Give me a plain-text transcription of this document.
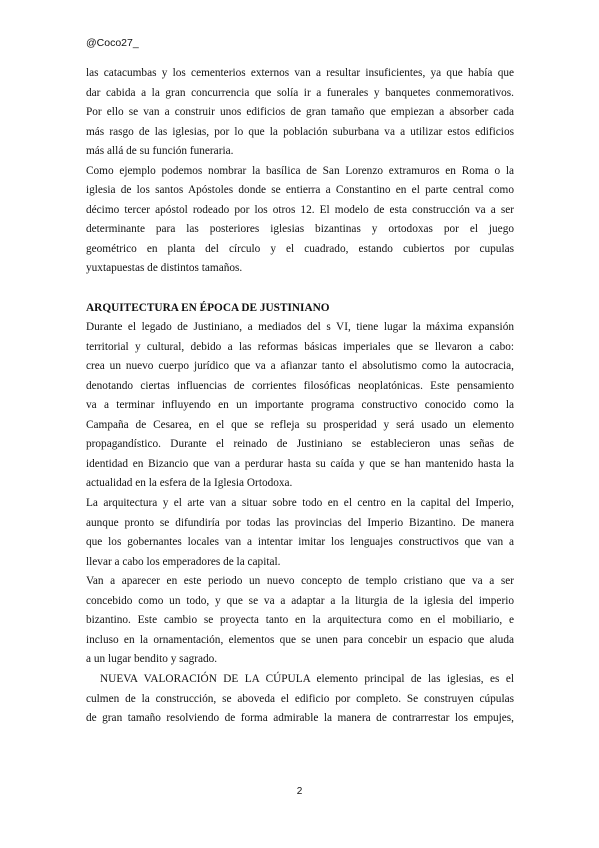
@Coco27_
las catacumbas y los cementerios externos van a resultar insuficientes, ya que había que
dar cabida a la gran concurrencia que solía ir a funerales y banquetes conmemorativos.
Por ello se van a construir unos edificios de gran tamaño que empiezan a absorber cada
más rasgo de las iglesias, por lo que la población suburbana va a utilizar estos edificios
más allá de su función funeraria.
Como ejemplo podemos nombrar la basílica de San Lorenzo extramuros en Roma o la
iglesia de los santos Apóstoles donde se entierra a Constantino en el parte central como
décimo tercer apóstol rodeado por los otros 12. El modelo de esta construcción va a ser
determinante para las posteriores iglesias bizantinas y ortodoxas por el juego
geométrico en planta del círculo y el cuadrado, estando cubiertos por cupulas
yuxtapuestas de distintos tamaños.
ARQUITECTURA EN ÉPOCA DE JUSTINIANO
Durante el legado de Justiniano, a mediados del s VI, tiene lugar la máxima expansión
territorial y cultural, debido a las reformas básicas imperiales que se llevaron a cabo:
crea un nuevo cuerpo jurídico que va a afianzar tanto el absolutismo como la autocracia,
denotando ciertas influencias de corrientes filosóficas neoplatónicas. Este pensamiento
va a terminar influyendo en un importante programa constructivo conocido como la
Campaña de Cesarea, en el que se refleja su prosperidad y será usado un elemento
propagandístico. Durante el reinado de Justiniano se establecieron unas señas de
identidad en Bizancio que van a perdurar hasta su caída y que se han mantenido hasta la
actualidad en la esfera de la Iglesia Ortodoxa.
La arquitectura y el arte van a situar sobre todo en el centro en la capital del Imperio,
aunque pronto se difundiría por todas las provincias del Imperio Bizantino. De manera
que los gobernantes locales van a intentar imitar los lenguajes constructivos que van a
llevar a cabo los emperadores de la capital.
Van a aparecer en este periodo un nuevo concepto de templo cristiano que va a ser
concebido como un todo, y que se va a adaptar a la liturgia de la iglesia del imperio
bizantino. Este cambio se proyecta tanto en la arquitectura como en el mobiliario, e
incluso en la ornamentación, elementos que se unen para concebir un espacio que aluda
a un lugar bendito y sagrado.
NUEVA VALORACIÓN DE LA CÚPULA elemento principal de las iglesias, es el
culmen de la construcción, se aboveda el edificio por completo. Se construyen cúpulas
de gran tamaño resolviendo de forma admirable la manera de contrarrestar los empujes,
2
